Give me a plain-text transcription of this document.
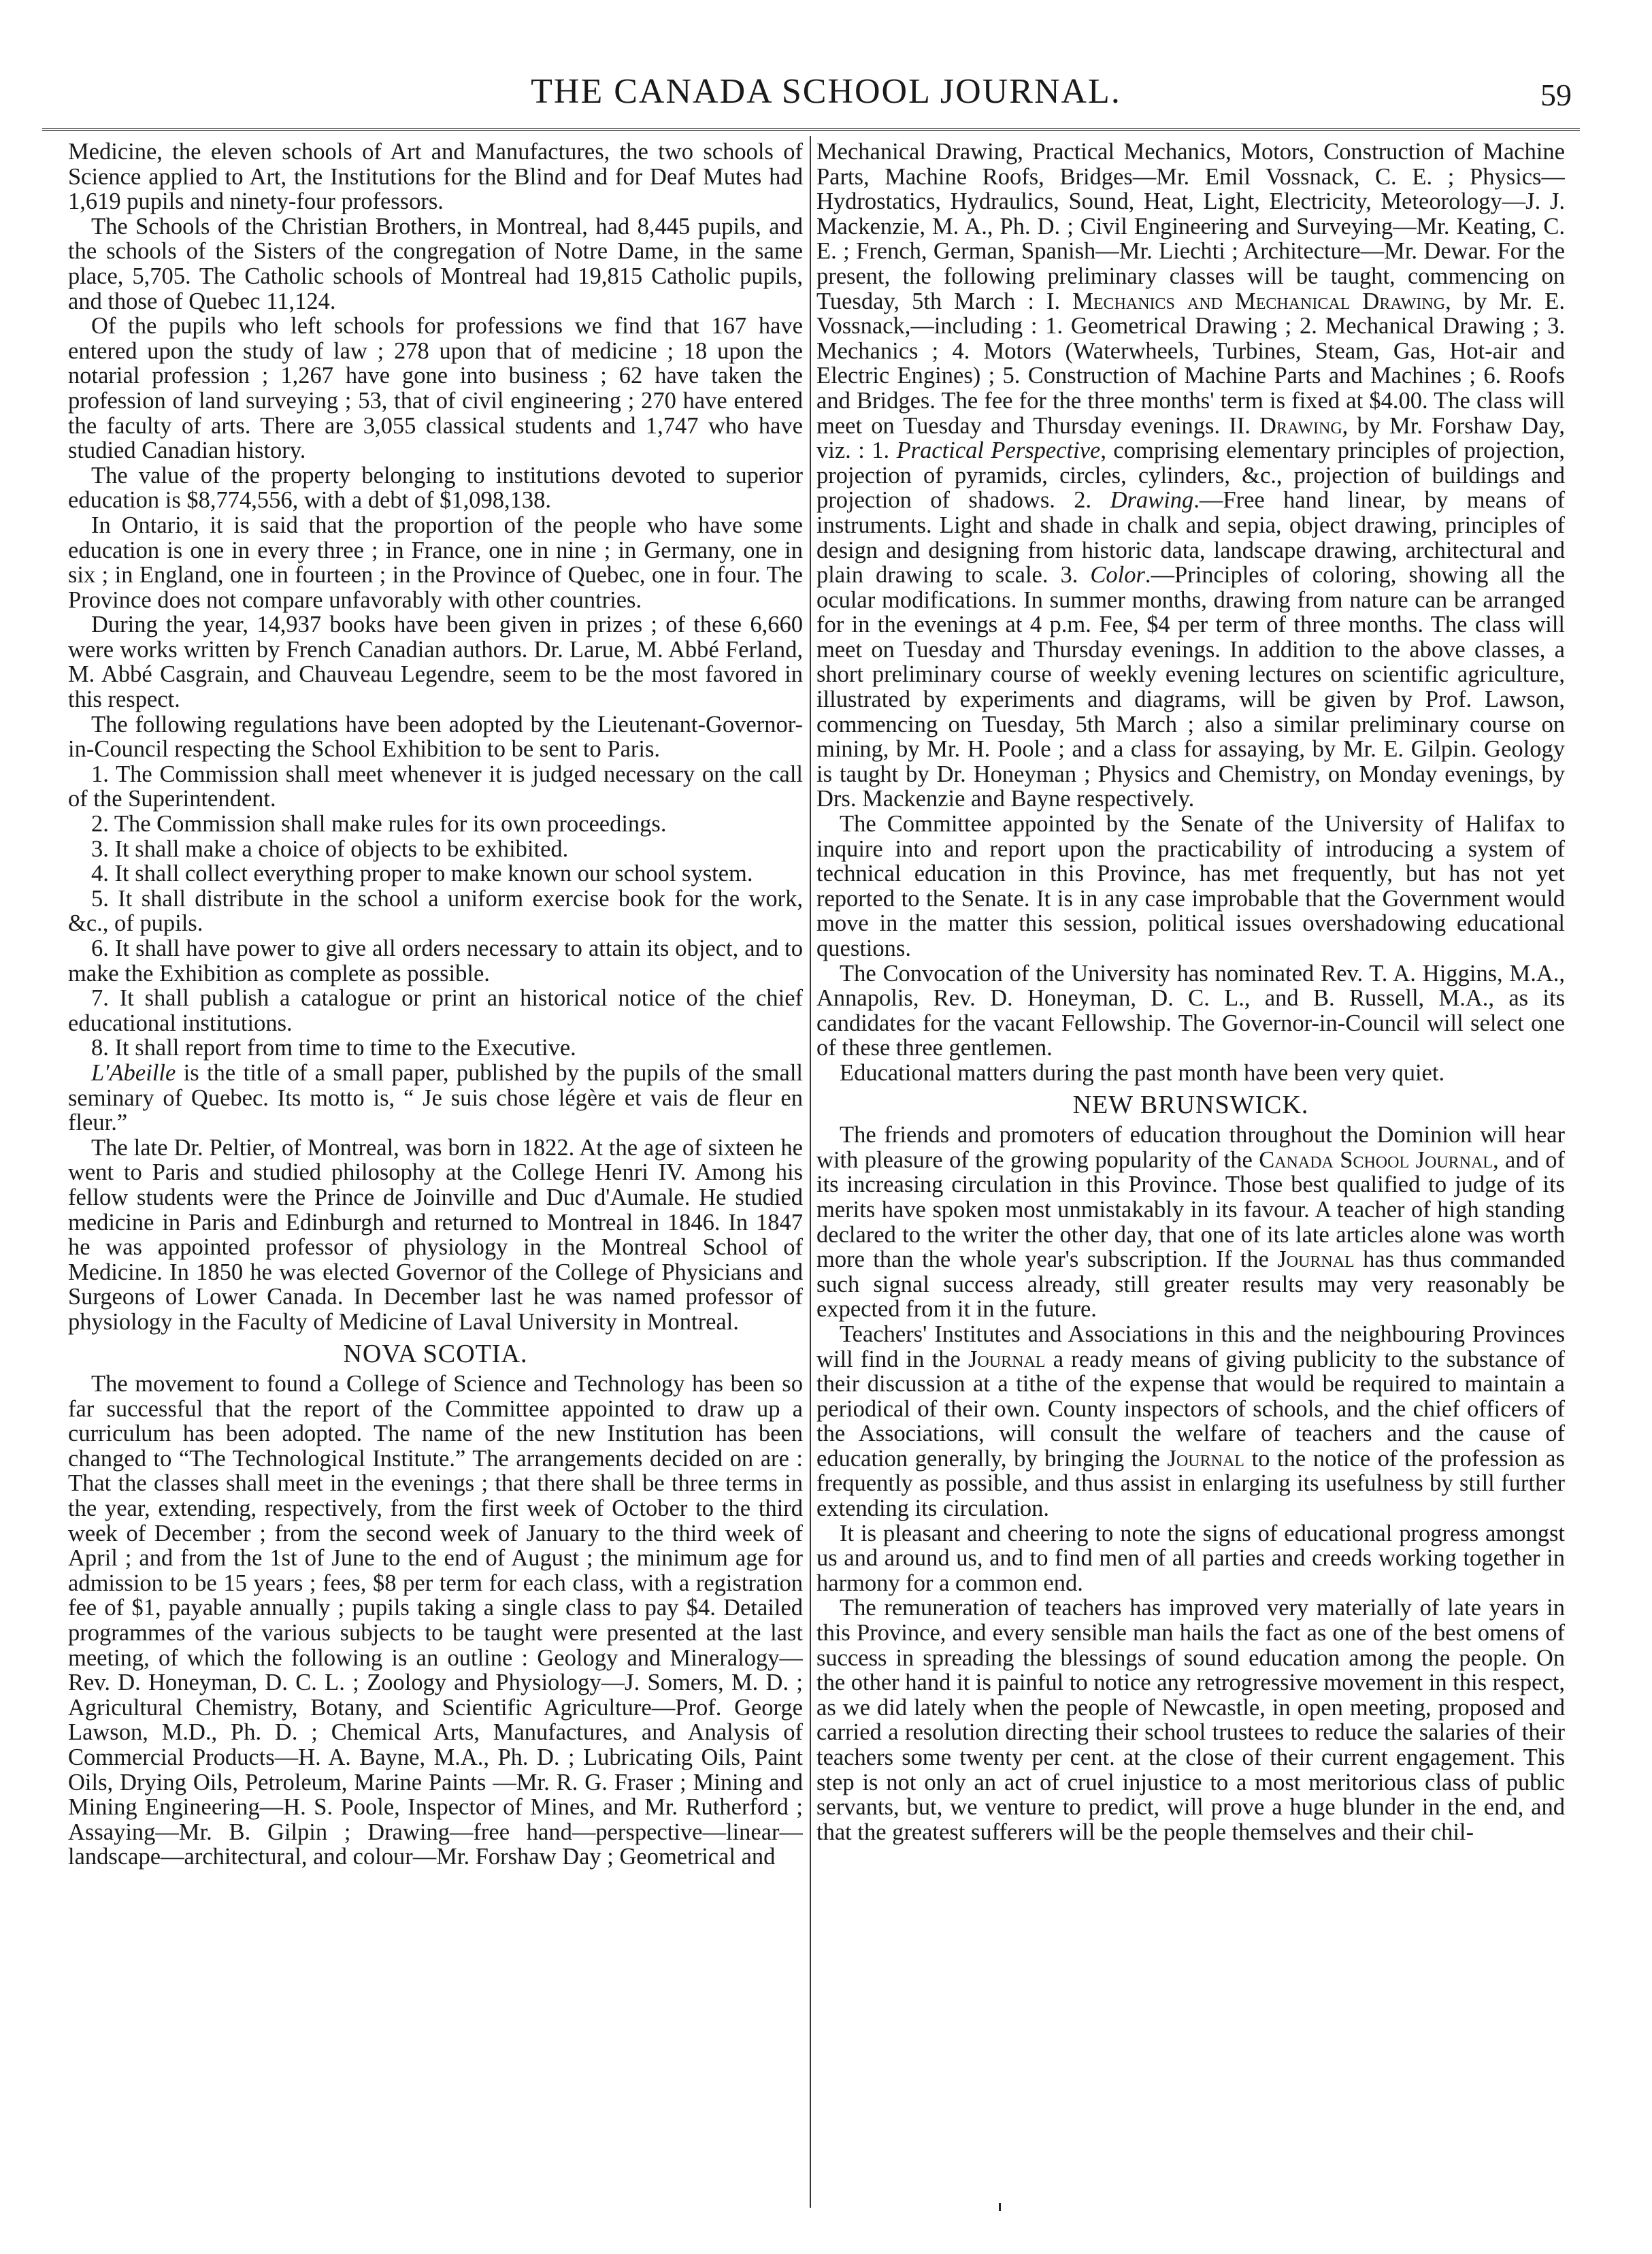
THE CANADA SCHOOL JOURNAL.	59

Medicine, the eleven schools of Art and Manufactures, the two schools of Science applied to Art, the Institutions for the Blind and for Deaf Mutes had 1,619 pupils and ninety-four professors.

The Schools of the Christian Brothers, in Montreal, had 8,445 pupils, and the schools of the Sisters of the congregation of Notre Dame, in the same place, 5,705. The Catholic schools of Montreal had 19,815 Catholic pupils, and those of Quebec 11,124.

Of the pupils who left schools for professions we find that 167 have entered upon the study of law ; 278 upon that of medicine ; 18 upon the notarial profession ; 1,267 have gone into business ; 62 have taken the profession of land surveying ; 53, that of civil engineering ; 270 have entered the faculty of arts. There are 3,055 classical students and 1,747 who have studied Canadian history.

The value of the property belonging to institutions devoted to superior education is $8,774,556, with a debt of $1,098,138.

In Ontario, it is said that the proportion of the people who have some education is one in every three ; in France, one in nine ; in Germany, one in six ; in England, one in fourteen ; in the Province of Quebec, one in four. The Province does not compare unfavorably with other countries.

During the year, 14,937 books have been given in prizes ; of these 6,660 were works written by French Canadian authors. Dr. Larue, M. Abbé Ferland, M. Abbé Casgrain, and Chauveau Legendre, seem to be the most favored in this respect.

The following regulations have been adopted by the Lieutenant-Governor-in-Council respecting the School Exhibition to be sent to Paris.

1. The Commission shall meet whenever it is judged necessary on the call of the Superintendent.

2. The Commission shall make rules for its own proceedings.

3. It shall make a choice of objects to be exhibited.

4. It shall collect everything proper to make known our school system.

5. It shall distribute in the school a uniform exercise book for the work, &c., of pupils.

6. It shall have power to give all orders necessary to attain its object, and to make the Exhibition as complete as possible.

7. It shall publish a catalogue or print an historical notice of the chief educational institutions.

8. It shall report from time to time to the Executive.

L'Abeille is the title of a small paper, published by the pupils of the small seminary of Quebec. Its motto is, “ Je suis chose légère et vais de fleur en fleur.”

The late Dr. Peltier, of Montreal, was born in 1822. At the age of sixteen he went to Paris and studied philosophy at the College Henri IV. Among his fellow students were the Prince de Joinville and Duc d'Aumale. He studied medicine in Paris and Edinburgh and returned to Montreal in 1846. In 1847 he was appointed professor of physiology in the Montreal School of Medicine. In 1850 he was elected Governor of the College of Physicians and Surgeons of Lower Canada. In December last he was named professor of physiology in the Faculty of Medicine of Laval University in Montreal.

NOVA SCOTIA.

The movement to found a College of Science and Technology has been so far successful that the report of the Committee appointed to draw up a curriculum has been adopted. The name of the new Institution has been changed to “The Technological Institute.” The arrangements decided on are : That the classes shall meet in the evenings ; that there shall be three terms in the year, extending, respectively, from the first week of October to the third week of December ; from the second week of January to the third week of April ; and from the 1st of June to the end of August ; the minimum age for admission to be 15 years ; fees, $8 per term for each class, with a registration fee of $1, payable annually ; pupils taking a single class to pay $4. Detailed programmes of the various subjects to be taught were presented at the last meeting, of which the following is an outline : Geology and Mineralogy—Rev. D. Honeyman, D. C. L. ; Zoology and Physiology—J. Somers, M. D. ; Agricultural Chemistry, Botany, and Scientific Agriculture—Prof. George Lawson, M.D., Ph. D. ; Chemical Arts, Manufactures, and Analysis of Commercial Products—H. A. Bayne, M.A., Ph. D. ; Lubricating Oils, Paint Oils, Drying Oils, Petroleum, Marine Paints —Mr. R. G. Fraser ; Mining and Mining Engineering—H. S. Poole, Inspector of Mines, and Mr. Rutherford ; Assaying—Mr. B. Gilpin ; Drawing—free hand—perspective—linear—landscape—architectural, and colour—Mr. Forshaw Day ; Geometrical and

Mechanical Drawing, Practical Mechanics, Motors, Construction of Machine Parts, Machine Roofs, Bridges—Mr. Emil Vossnack, C. E. ; Physics—Hydrostatics, Hydraulics, Sound, Heat, Light, Electricity, Meteorology—J. J. Mackenzie, M. A., Ph. D. ; Civil Engineering and Surveying—Mr. Keating, C. E. ; French, German, Spanish—Mr. Liechti ; Architecture—Mr. Dewar. For the present, the following preliminary classes will be taught, commencing on Tuesday, 5th March : I. Mechanics and Mechanical Drawing, by Mr. E. Vossnack,—including : 1. Geometrical Drawing ; 2. Mechanical Drawing ; 3. Mechanics ; 4. Motors (Waterwheels, Turbines, Steam, Gas, Hot-air and Electric Engines) ; 5. Construction of Machine Parts and Machines ; 6. Roofs and Bridges. The fee for the three months' term is fixed at $4.00. The class will meet on Tuesday and Thursday evenings. II. Drawing, by Mr. Forshaw Day, viz. : 1. Practical Perspective, comprising elementary principles of projection, projection of pyramids, circles, cylinders, &c., projection of buildings and projection of shadows. 2. Drawing.—Free hand linear, by means of instruments. Light and shade in chalk and sepia, object drawing, principles of design and designing from historic data, landscape drawing, architectural and plain drawing to scale. 3. Color.—Principles of coloring, showing all the ocular modifications. In summer months, drawing from nature can be arranged for in the evenings at 4 p.m. Fee, $4 per term of three months. The class will meet on Tuesday and Thursday evenings. In addition to the above classes, a short preliminary course of weekly evening lectures on scientific agriculture, illustrated by experiments and diagrams, will be given by Prof. Lawson, commencing on Tuesday, 5th March ; also a similar preliminary course on mining, by Mr. H. Poole ; and a class for assaying, by Mr. E. Gilpin. Geology is taught by Dr. Honeyman ; Physics and Chemistry, on Monday evenings, by Drs. Mackenzie and Bayne respectively.

The Committee appointed by the Senate of the University of Halifax to inquire into and report upon the practicability of introducing a system of technical education in this Province, has met frequently, but has not yet reported to the Senate. It is in any case improbable that the Government would move in the matter this session, political issues overshadowing educational questions.

The Convocation of the University has nominated Rev. T. A. Higgins, M.A., Annapolis, Rev. D. Honeyman, D. C. L., and B. Russell, M.A., as its candidates for the vacant Fellowship. The Governor-in-Council will select one of these three gentlemen.

Educational matters during the past month have been very quiet.

NEW BRUNSWICK.

The friends and promoters of education throughout the Dominion will hear with pleasure of the growing popularity of the Canada School Journal, and of its increasing circulation in this Province. Those best qualified to judge of its merits have spoken most unmistakably in its favour. A teacher of high standing declared to the writer the other day, that one of its late articles alone was worth more than the whole year's subscription. If the Journal has thus commanded such signal success already, still greater results may very reasonably be expected from it in the future.

Teachers' Institutes and Associations in this and the neighbouring Provinces will find in the Journal a ready means of giving publicity to the substance of their discussion at a tithe of the expense that would be required to maintain a periodical of their own. County inspectors of schools, and the chief officers of the Associations, will consult the welfare of teachers and the cause of education generally, by bringing the Journal to the notice of the profession as frequently as possible, and thus assist in enlarging its usefulness by still further extending its circulation.

It is pleasant and cheering to note the signs of educational progress amongst us and around us, and to find men of all parties and creeds working together in harmony for a common end.

The remuneration of teachers has improved very materially of late years in this Province, and every sensible man hails the fact as one of the best omens of success in spreading the blessings of sound education among the people. On the other hand it is painful to notice any retrogressive movement in this respect, as we did lately when the people of Newcastle, in open meeting, proposed and carried a resolution directing their school trustees to reduce the salaries of their teachers some twenty per cent. at the close of their current engagement. This step is not only an act of cruel injustice to a most meritorious class of public servants, but, we venture to predict, will prove a huge blunder in the end, and that the greatest sufferers will be the people themselves and their chil-
